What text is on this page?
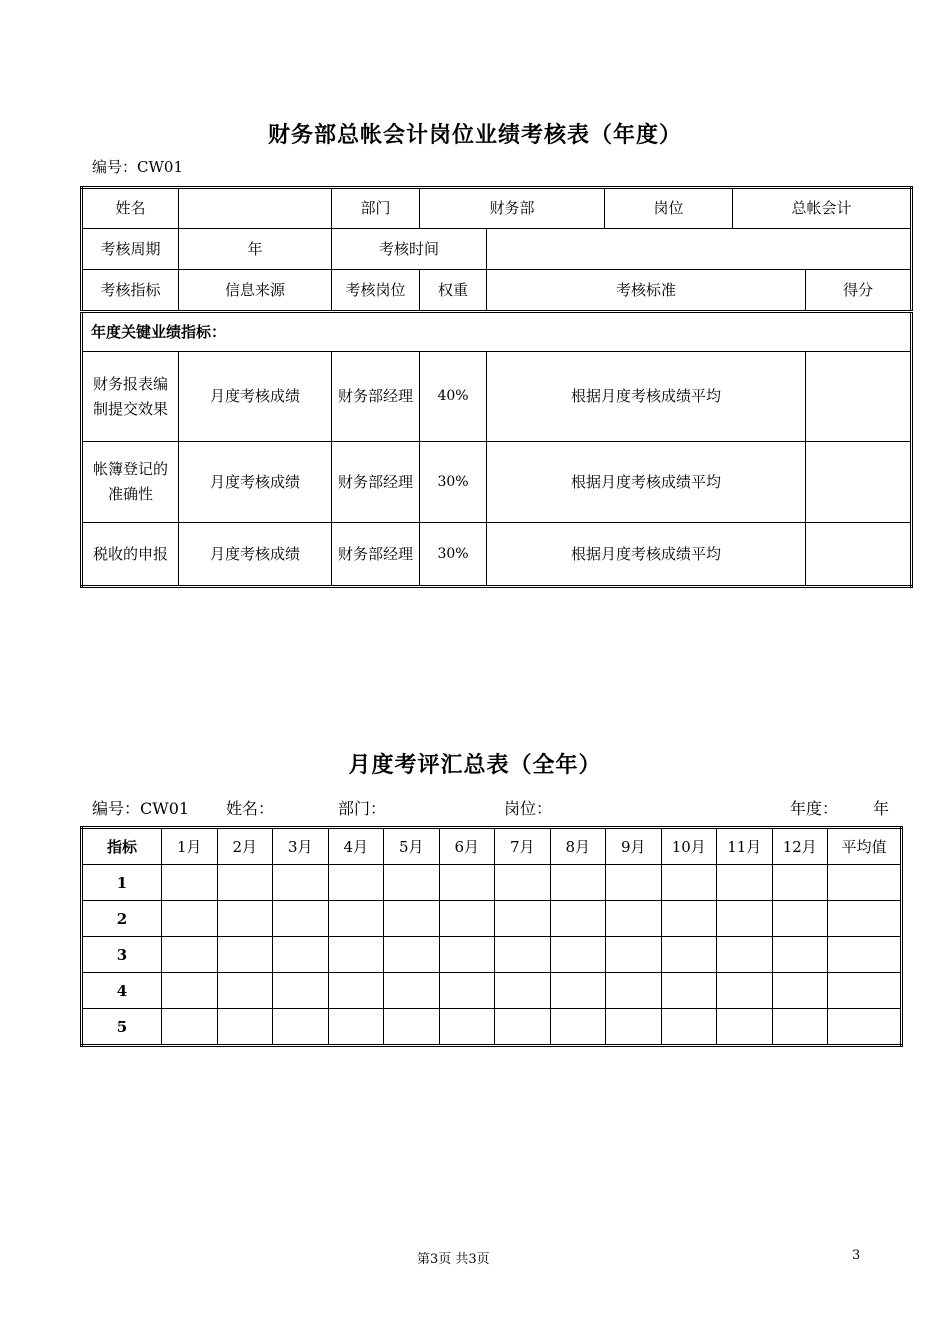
财务部总帐会计岗位业绩考核表（年度）
编号：CW01
姓名		部门	财务部		岗位	总帐会计	
考核周期	年	考核时间					
考核指标	信息来源	考核岗位	权重	考核标准			得分
年度关键业绩指标：							
财务报表编制提交效果	月度考核成绩	财务部经理	40%	根据月度考核成绩平均			
帐簿登记的准确性	月度考核成绩	财务部经理	30%	根据月度考核成绩平均			
税收的申报	月度考核成绩	财务部经理	30%	根据月度考核成绩平均			
月度考评汇总表（全年）
编号：CW01 姓名：	部门：	岗位：	年度： 年
指标	1月	2月	3月	4月	5月	6月	7月	8月	9月	10月	11月	12月	平均值
1													
2													
3													
4													
5													
第3页 共3页	3
